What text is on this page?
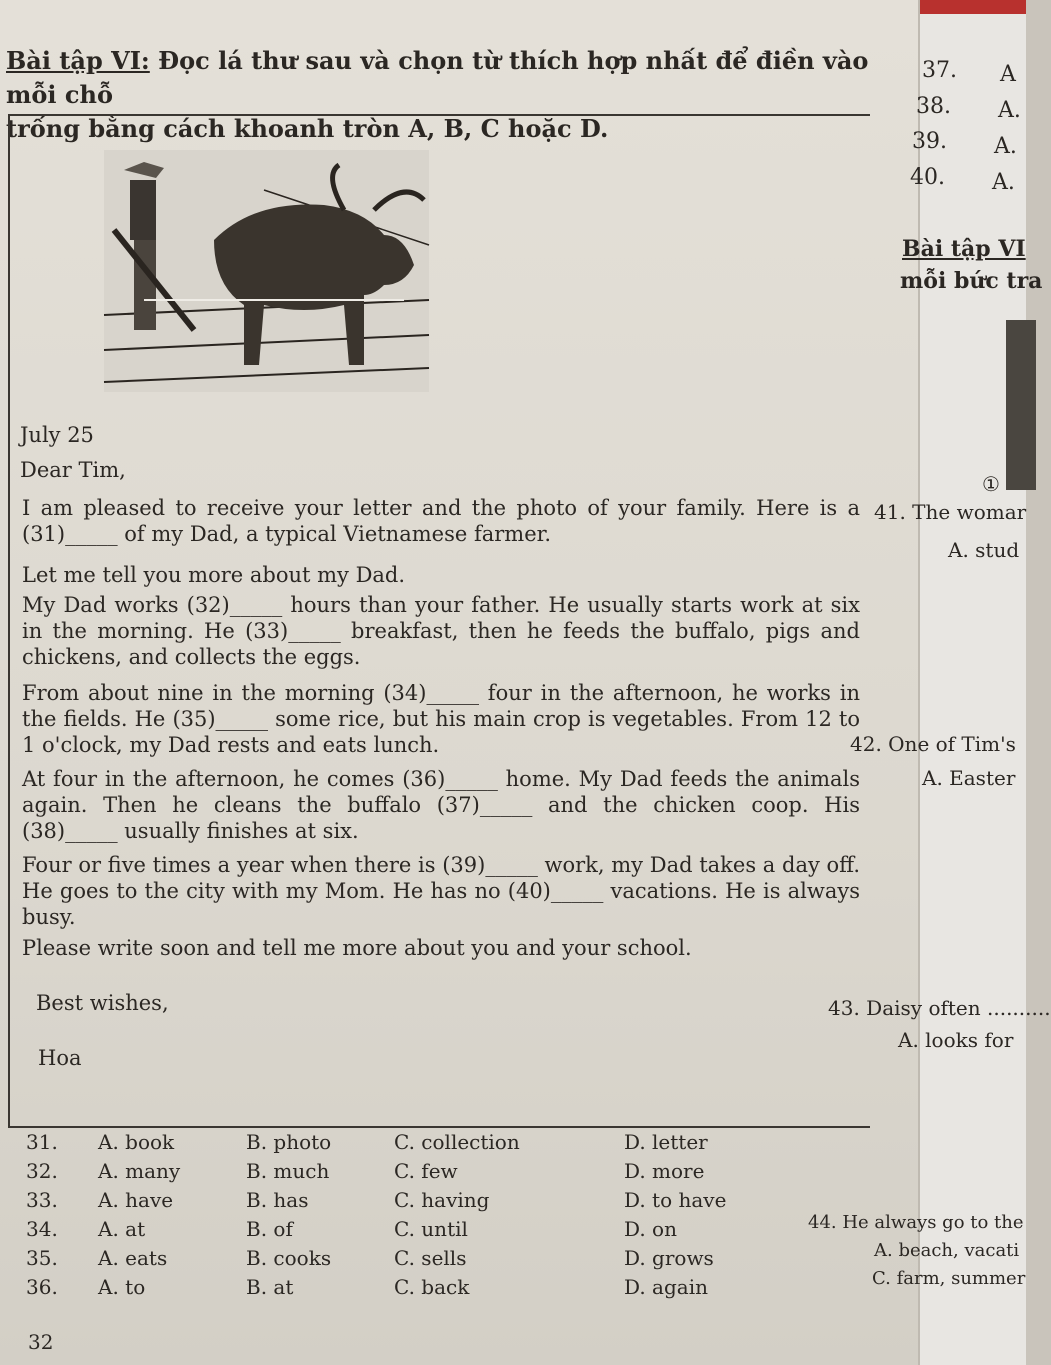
Bài tập VI: Đọc lá thư sau và chọn từ thích hợp nhất để điền vào mỗi chỗ
trống bằng cách khoanh tròn A, B, C hoặc D.
July 25
Dear Tim,
I am pleased to receive your letter and the photo of your family. Here is a (31)_____ of my Dad, a typical Vietnamese farmer.
Let me tell you more about my Dad.
My Dad works (32)_____ hours than your father. He usually starts work at six in the morning. He (33)_____ breakfast, then he feeds the buffalo, pigs and chickens, and collects the eggs.
From about nine in the morning (34)_____ four in the afternoon, he works in the fields. He (35)_____ some rice, but his main crop is vegetables. From 12 to 1 o'clock, my Dad rests and eats lunch.
At four in the afternoon, he comes (36)_____ home. My Dad feeds the animals again. Then he cleans the buffalo (37)_____ and the chicken coop. His (38)_____ usually finishes at six.
Four or five times a year when there is (39)_____ work, my Dad takes a day off. He goes to the city with my Mom. He has no (40)_____ vacations. He is always busy.
Please write soon and tell me more about you and your school.
Best wishes,
Hoa
31. A. book	B. photo	C. collection	D. letter
32. A. many	B. much	C. few	D. more
33. A. have	B. has	C. having	D. to have
34. A. at	B. of	C. until	D. on
35. A. eats	B. cooks	C. sells	D. grows
36. A. to	B. at	C. back	D. again
32
37. A
38. A.
39. A.
40. A.
Bài tập VI
mỗi bức tra
①
41. The womar
A. stud
42. One of Tim's
A. Easter
43. Daisy often ..........
A. looks for
44. He always go to the
A. beach, vacati
C. farm, summer
